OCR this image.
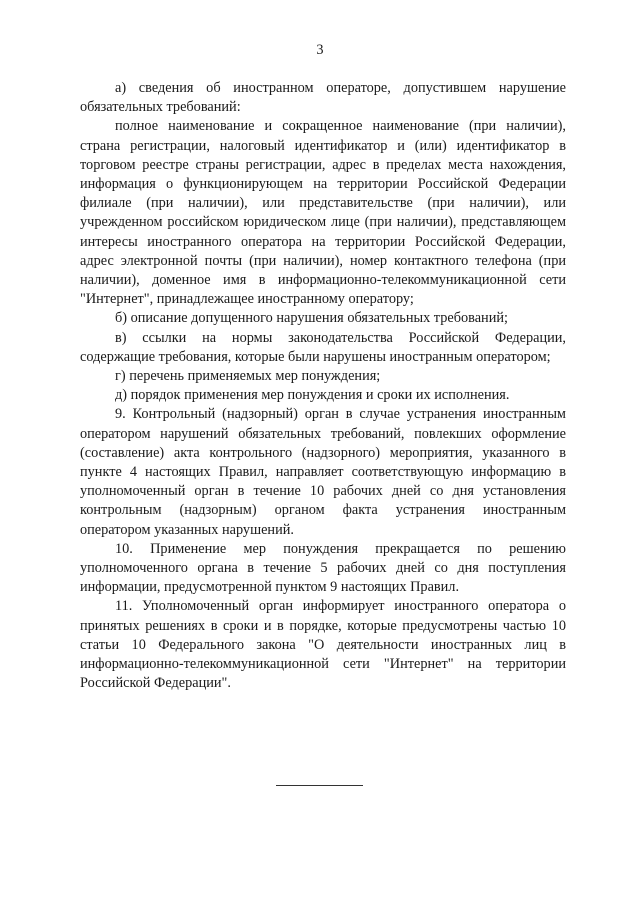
3

а) сведения об иностранном операторе, допустившем нарушение обязательных требований:

полное наименование и сокращенное наименование (при наличии), страна регистрации, налоговый идентификатор и (или) идентификатор в торговом реестре страны регистрации, адрес в пределах места нахождения, информация о функционирующем на территории Российской Федерации филиале (при наличии), или представительстве (при наличии), или учрежденном российском юридическом лице (при наличии), представляющем интересы иностранного оператора на территории Российской Федерации, адрес электронной почты (при наличии), номер контактного телефона (при наличии), доменное имя в информационно-телекоммуникационной сети "Интернет", принадлежащее иностранному оператору;

б) описание допущенного нарушения обязательных требований;

в) ссылки на нормы законодательства Российской Федерации, содержащие требования, которые были нарушены иностранным оператором;

г) перечень применяемых мер понуждения;

д) порядок применения мер понуждения и сроки их исполнения.

9. Контрольный (надзорный) орган в случае устранения иностранным оператором нарушений обязательных требований, повлекших оформление (составление) акта контрольного (надзорного) мероприятия, указанного в пункте 4 настоящих Правил, направляет соответствующую информацию в уполномоченный орган в течение 10 рабочих дней со дня установления контрольным (надзорным) органом факта устранения иностранным оператором указанных нарушений.

10. Применение мер понуждения прекращается по решению уполномоченного органа в течение 5 рабочих дней со дня поступления информации, предусмотренной пунктом 9 настоящих Правил.

11. Уполномоченный орган информирует иностранного оператора о принятых решениях в сроки и в порядке, которые предусмотрены частью 10 статьи 10 Федерального закона "О деятельности иностранных лиц в информационно-телекоммуникационной сети "Интернет" на территории Российской Федерации".
